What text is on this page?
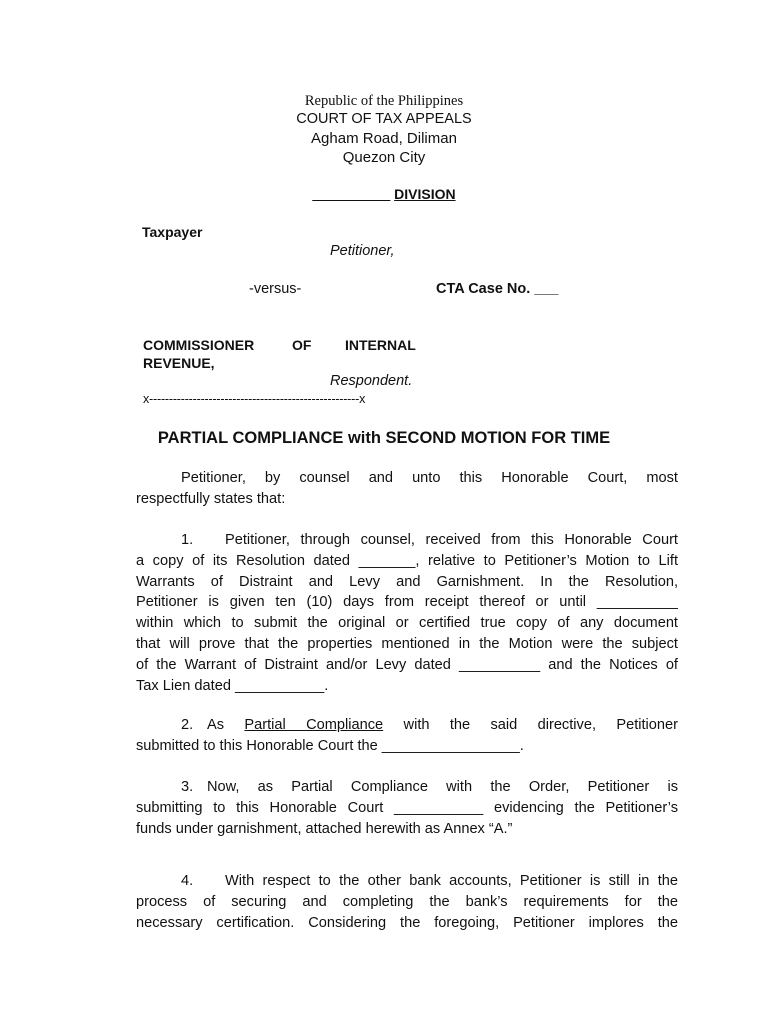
Republic of the Philippines
COURT OF TAX APPEALS
Agham Road, Diliman
Quezon City
__________ DIVISION
Taxpayer
Petitioner,
-versus-	CTA Case No. ___
COMMISSIONER	OF INTERNAL
REVENUE,
Respondent.
x-----------------------------------------------------x
PARTIAL COMPLIANCE with SECOND MOTION FOR TIME
Petitioner, by counsel and unto this Honorable Court, most
respectfully states that:
1. Petitioner, through counsel, received from this Honorable Court
a copy of its Resolution dated _______, relative to Petitioner’s Motion to Lift
Warrants of Distraint and Levy and Garnishment. In the Resolution,
Petitioner is given ten (10) days from receipt thereof or until __________
within which to submit the original or certified true copy of any document
that will prove that the properties mentioned in the Motion were the subject
of the Warrant of Distraint and/or Levy dated __________ and the Notices of
Tax Lien dated ___________.
2. As Partial Compliance with the said directive, Petitioner
submitted to this Honorable Court the _________________.
3. Now, as Partial Compliance with the Order, Petitioner is
submitting to this Honorable Court ___________ evidencing the Petitioner’s
funds under garnishment, attached herewith as Annex “A.”
4. With respect to the other bank accounts, Petitioner is still in the
process of securing and completing the bank’s requirements for the
necessary certification. Considering the foregoing, Petitioner implores the
